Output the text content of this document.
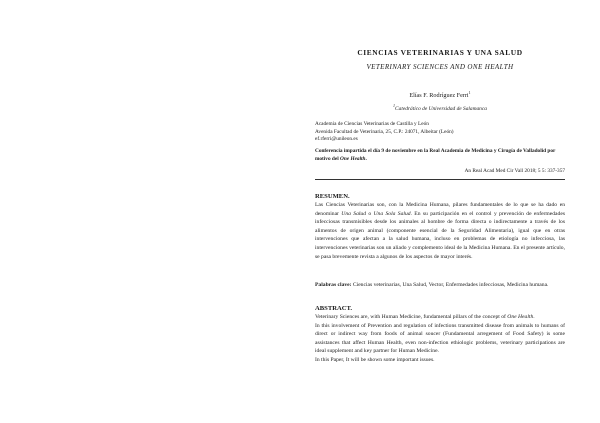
CIENCIAS VETERINARIAS Y UNA SALUD
VETERINARY SCIENCES AND ONE HEALTH
Elías F. Rodríguez Ferri$^1$
$^1$Catedrático de Universidad de Salamanca
Academia de Ciencias Veterinarias de Castilla y León
Avenida Facultad de Veterinaria, 25, C.P.: 24071, Albeitar (León)
ef.rferri@unileon.es
Conferencia impartida el día 9 de noviembre en la Real Academia de Medicina y Cirugía de Valladolid por motivo del One Health.
An Real Acad Med Cir Vall 2018; 5 5: 337-357
RESUMEN.
Las Ciencias Veterinarias son, con la Medicina Humana, pilares fundamentales de lo que se ha dado en denominar Una Salud o Una Sola Salud. En su participación en el control y prevención de enfermedades infecciosas transmisibles desde los animales al hombre de forma directa o indirectamente a través de los alimentos de origen animal (componente esencial de la Seguridad Alimentaria), igual que en otras intervenciones que afectan a la salud humana, incluso en problemas de etiología no infecciosa, las intervenciones veterinarias son un aliado y complemento ideal de la Medicina Humana. En el presente artículo, se pasa brevemente revista a algunos de los aspectos de mayor interés.
Palabras clave: Ciencias veterinarias, Una Salud, Vector, Enfermedades infecciosas, Medicina humana.
ABSTRACT.

Veterinary Sciences are, with Human Medicine, fundamental pillars of the concept of One Health.

In this involvement of Prevention and regulation of infections transmitted disease from animals to humans of direct or indirect way from foods of animal soucer (Fundamental arregement of Food Safety) is some assistances that affect Human Health, even non-infection ethiologic problems, veterinary participations are ideal supplement and key partner for Human Medicine.

In this Paper, It will be shown some important issues.
